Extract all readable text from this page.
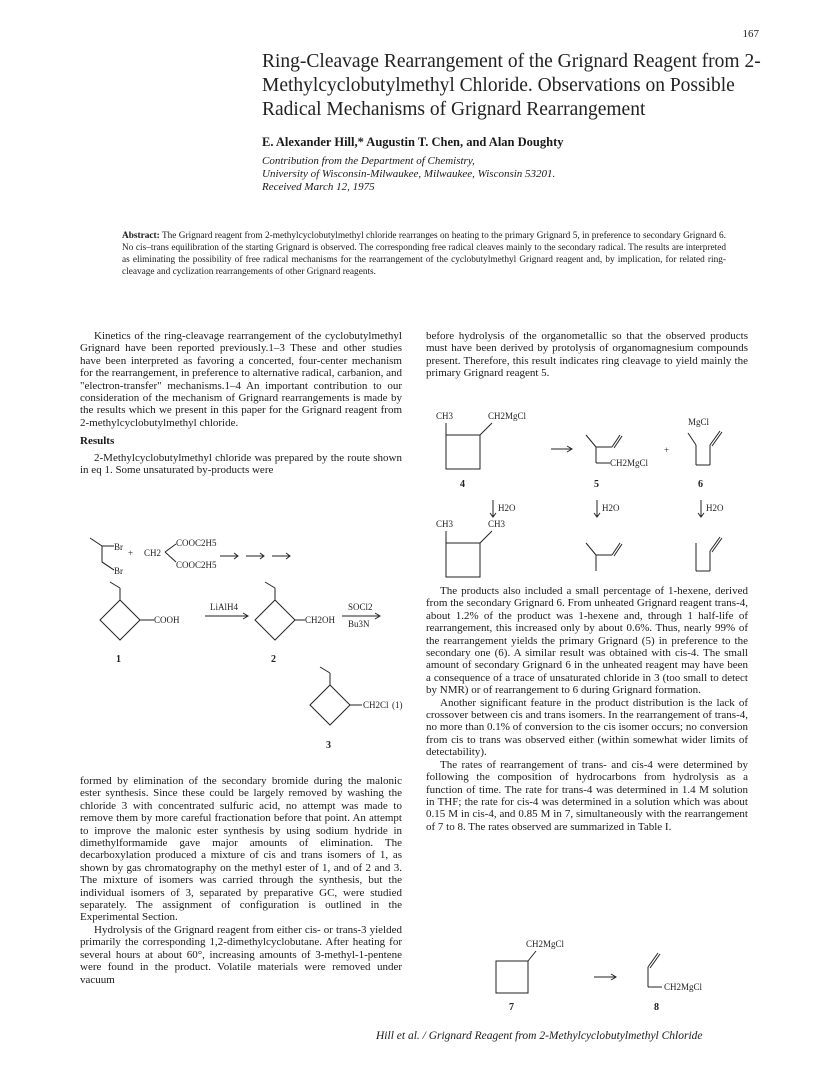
167
Ring-Cleavage Rearrangement of the Grignard Reagent from 2-Methylcyclobutylmethyl Chloride. Observations on Possible Radical Mechanisms of Grignard Rearrangement
E. Alexander Hill,* Augustin T. Chen, and Alan Doughty
Contribution from the Department of Chemistry,
University of Wisconsin-Milwaukee, Milwaukee, Wisconsin 53201.
Received March 12, 1975
Abstract: The Grignard reagent from 2-methylcyclobutylmethyl chloride rearranges on heating to the primary Grignard 5, in preference to secondary Grignard 6. No cis–trans equilibration of the starting Grignard is observed. The corresponding free radical cleaves mainly to the secondary radical. The results are interpreted as eliminating the possibility of free radical mechanisms for the rearrangement of the cyclobutylmethyl Grignard reagent and, by implication, for related ring-cleavage and cyclization rearrangements of other Grignard reagents.

Kinetics of the ring-cleavage rearrangement of the cyclobutylmethyl Grignard have been reported previously.1–3 These and other studies have been interpreted as favoring a concerted, four-center mechanism for the rearrangement, in preference to alternative radical, carbanion, and "electron-transfer" mechanisms.1–4 An important contribution to our consideration of the mechanism of Grignard rearrangements is made by the results which we present in this paper for the Grignard reagent from 2-methylcyclobutylmethyl chloride.

Results

2-Methylcyclobutylmethyl chloride was prepared by the route shown in eq 1. Some unsaturated by-products were

Br
Br
+ CH2
COOC2H5
COOC2H5
COOH
LiAlH4
CH2OH
SOCl2
Bu3N
CH2Cl (1)
1	2
3

formed by elimination of the secondary bromide during the malonic ester synthesis. Since these could be largely removed by washing the chloride 3 with concentrated sulfuric acid, no attempt was made to remove them by more careful fractionation before that point. An attempt to improve the malonic ester synthesis by using sodium hydride in dimethylformamide gave major amounts of elimination. The decarboxylation produced a mixture of cis and trans isomers of 1, as shown by gas chromatography on the methyl ester of 1, and of 2 and 3. The mixture of isomers was carried through the synthesis, but the individual isomers of 3, separated by preparative GC, were studied separately. The assignment of configuration is outlined in the Experimental Section.

Hydrolysis of the Grignard reagent from either cis- or trans-3 yielded primarily the corresponding 1,2-dimethylcyclobutane. After heating for several hours at about 60°, increasing amounts of 3-methyl-1-pentene were found in the product. Volatile materials were removed under vacuum

before hydrolysis of the organometallic so that the observed products must have been derived by protolysis of organomagnesium compounds present. Therefore, this result indicates ring cleavage to yield mainly the primary Grignard reagent 5.

CH3	CH2MgCl
MgCl
+
CH2MgCl
H2O	H2O	H2O
CH3	CH3
4	5	6

The products also included a small percentage of 1-hexene, derived from the secondary Grignard 6. From unheated Grignard reagent trans-4, about 1.2% of the product was 1-hexene and, through 1 half-life of rearrangement, this increased only by about 0.6%. Thus, nearly 99% of the rearrangement yields the primary Grignard (5) in preference to the secondary one (6). A similar result was obtained with cis-4. The small amount of secondary Grignard 6 in the unheated reagent may have been a consequence of a trace of unsaturated chloride in 3 (too small to detect by NMR) or of rearrangement to 6 during Grignard formation.

Another significant feature in the product distribution is the lack of crossover between cis and trans isomers. In the rearrangement of trans-4, no more than 0.1% of conversion to the cis isomer occurs; no conversion from cis to trans was observed either (within somewhat wider limits of detectability).

The rates of rearrangement of trans- and cis-4 were determined by following the composition of hydrocarbons from hydrolysis as a function of time. The rate for trans-4 was determined in 1.4 M solution in THF; the rate for cis-4 was determined in a solution which was about 0.15 M in cis-4, and 0.85 M in 7, simultaneously with the rearrangement of 7 to 8. The rates observed are summarized in Table I.

CH2MgCl
CH2MgCl
7	8
Hill et al. / Grignard Reagent from 2-Methylcyclobutylmethyl Chloride
